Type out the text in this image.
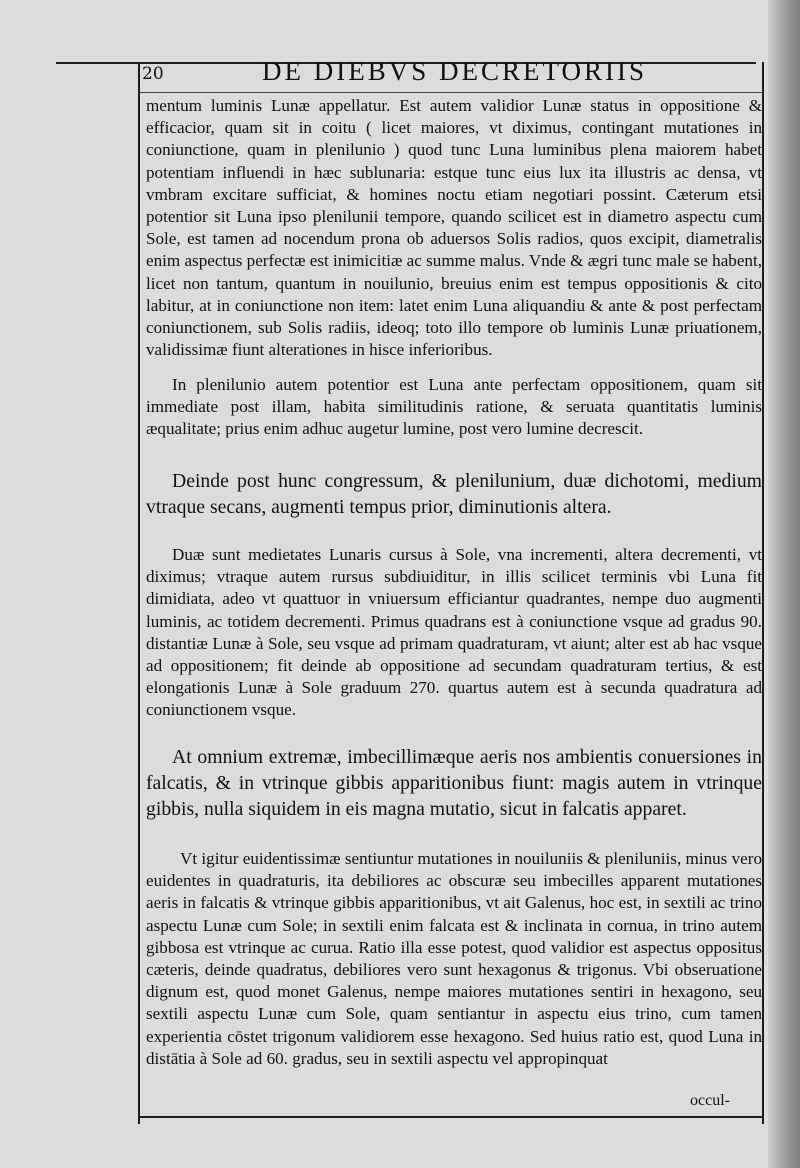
20	DE DIEBVS DECRETORIIS
mentum luminis Lunæ appellatur. Est autem validior Lunæ status in oppositione & efficacior, quam sit in coitu ( licet maiores, vt diximus, contingant mutationes in coniunctione, quam in plenilunio ) quod tunc Luna luminibus plena maiorem habet potentiam influendi in hæc sublunaria: estque tunc eius lux ita illustris ac densa, vt vmbram excitare sufficiat, & homines noctu etiam negotiari possint. Cæterum etsi potentior sit Luna ipso plenilunii tempore, quando scilicet est in diametro aspectu cum Sole, est tamen ad nocendum prona ob aduersos Solis radios, quos excipit, diametralis enim aspectus perfectæ est inimicitiæ ac summe malus. Vnde & ægri tunc male se habent, licet non tantum, quantum in nouilunio, breuius enim est tempus oppositionis & cito labitur, at in coniunctione non item: latet enim Luna aliquandiu & ante & post perfectam coniunctionem, sub Solis radiis, ideoq; toto illo tempore ob luminis Lunæ priuationem, validissimæ fiunt alterationes in hisce inferioribus.
In plenilunio autem potentior est Luna ante perfectam oppositionem, quam sit immediate post illam, habita similitudinis ratione, & seruata quantitatis luminis æqualitate; prius enim adhuc augetur lumine, post vero lumine decrescit.
Deinde post hunc congressum, & plenilunium, duæ dichotomi, medium vtraque secans, augmenti tempus prior, diminutionis altera.
Duæ sunt medietates Lunaris cursus à Sole, vna incrementi, altera decrementi, vt diximus; vtraque autem rursus subdiuiditur, in illis scilicet terminis vbi Luna fit dimidiata, adeo vt quattuor in vniuersum efficiantur quadrantes, nempe duo augmenti luminis, ac totidem decrementi. Primus quadrans est à coniunctione vsque ad gradus 90. distantiæ Lunæ à Sole, seu vsque ad primam quadraturam, vt aiunt; alter est ab hac vsque ad oppositionem; fit deinde ab oppositione ad secundam quadraturam tertius, & est elongationis Lunæ à Sole graduum 270. quartus autem est à secunda quadratura ad coniunctionem vsque.
At omnium extremæ, imbecillimæque aeris nos ambientis conuersiones in falcatis, & in vtrinque gibbis apparitionibus fiunt: magis autem in vtrinque gibbis, nulla siquidem in eis magna mutatio, sicut in falcatis apparet.
Vt igitur euidentissimæ sentiuntur mutationes in nouiluniis & pleniluniis, minus vero euidentes in quadraturis, ita debiliores ac obscuræ seu imbecilles apparent mutationes aeris in falcatis & vtrinque gibbis apparitionibus, vt ait Galenus, hoc est, in sextili ac trino aspectu Lunæ cum Sole; in sextili enim falcata est & inclinata in cornua, in trino autem gibbosa est vtrinque ac curua. Ratio illa esse potest, quod validior est aspectus oppositus cæteris, deinde quadratus, debiliores vero sunt hexagonus & trigonus. Vbi obseruatione dignum est, quod monet Galenus, nempe maiores mutationes sentiri in hexagono, seu sextili aspectu Lunæ cum Sole, quam sentiantur in aspectu eius trino, cum tamen experientia cōstet trigonum validiorem esse hexagono. Sed huius ratio est, quod Luna in distātia à Sole ad 60. gradus, seu in sextili aspectu vel appropinquat
occul-
